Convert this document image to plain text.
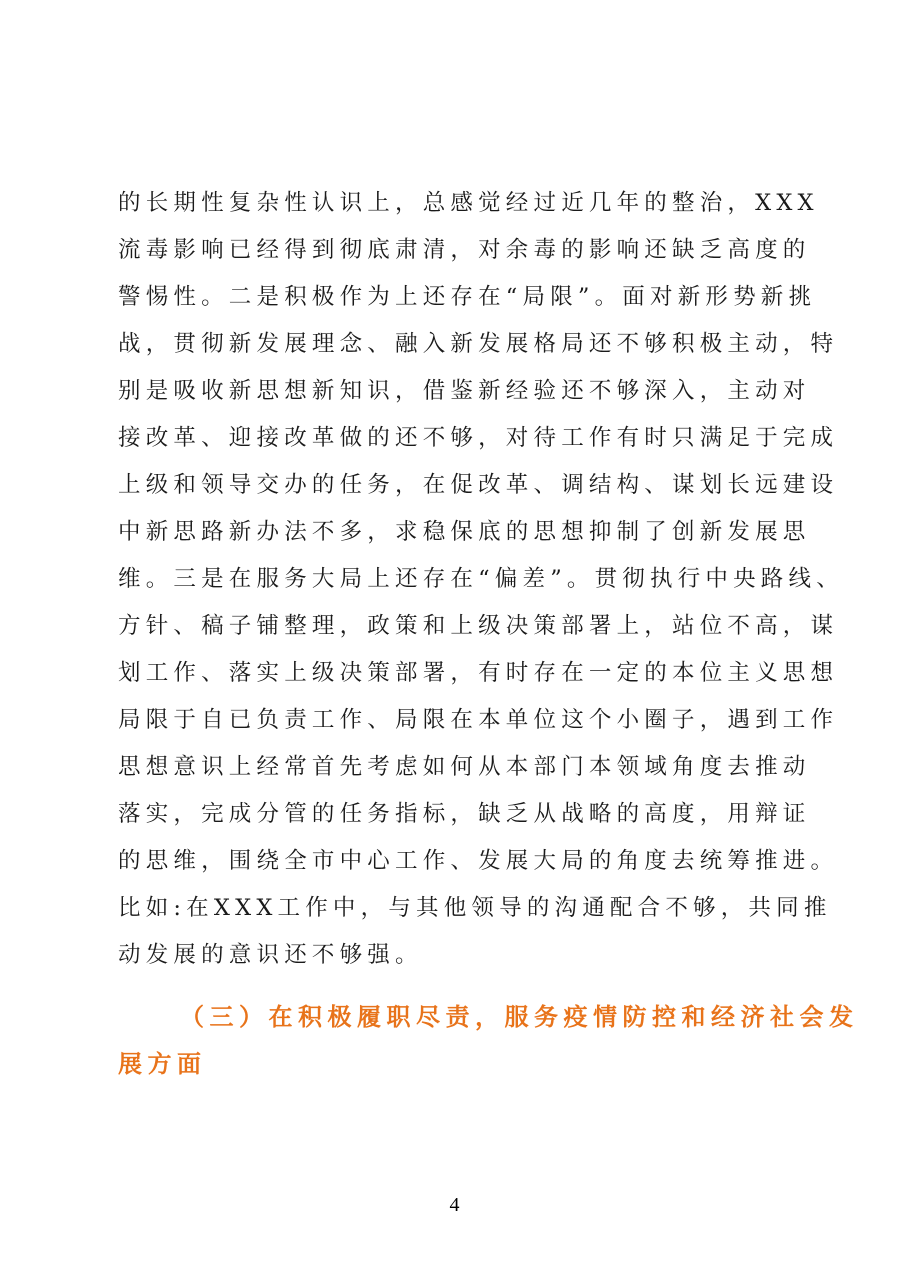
的长期性复杂性认识上，总感觉经过近几年的整治，XXX
流毒影响已经得到彻底肃清，对余毒的影响还缺乏高度的
警惕性。二是积极作为上还存在“局限”。面对新形势新挑
战，贯彻新发展理念、融入新发展格局还不够积极主动，特
别是吸收新思想新知识，借鉴新经验还不够深入，主动对
接改革、迎接改革做的还不够，对待工作有时只满足于完成
上级和领导交办的任务，在促改革、调结构、谋划长远建设
中新思路新办法不多，求稳保底的思想抑制了创新发展思
维。三是在服务大局上还存在“偏差”。贯彻执行中央路线、
方针、稿子铺整理，政策和上级决策部署上，站位不高，谋
划工作、落实上级决策部署，有时存在一定的本位主义思想
局限于自已负责工作、局限在本单位这个小圈子，遇到工作
思想意识上经常首先考虑如何从本部门本领域角度去推动
落实，完成分管的任务指标，缺乏从战略的高度，用辩证
的思维，围绕全市中心工作、发展大局的角度去统筹推进。
比如:在XXX工作中，与其他领导的沟通配合不够，共同推
动发展的意识还不够强。
（三）在积极履职尽责，服务疫情防控和经济社会发
展方面
4
